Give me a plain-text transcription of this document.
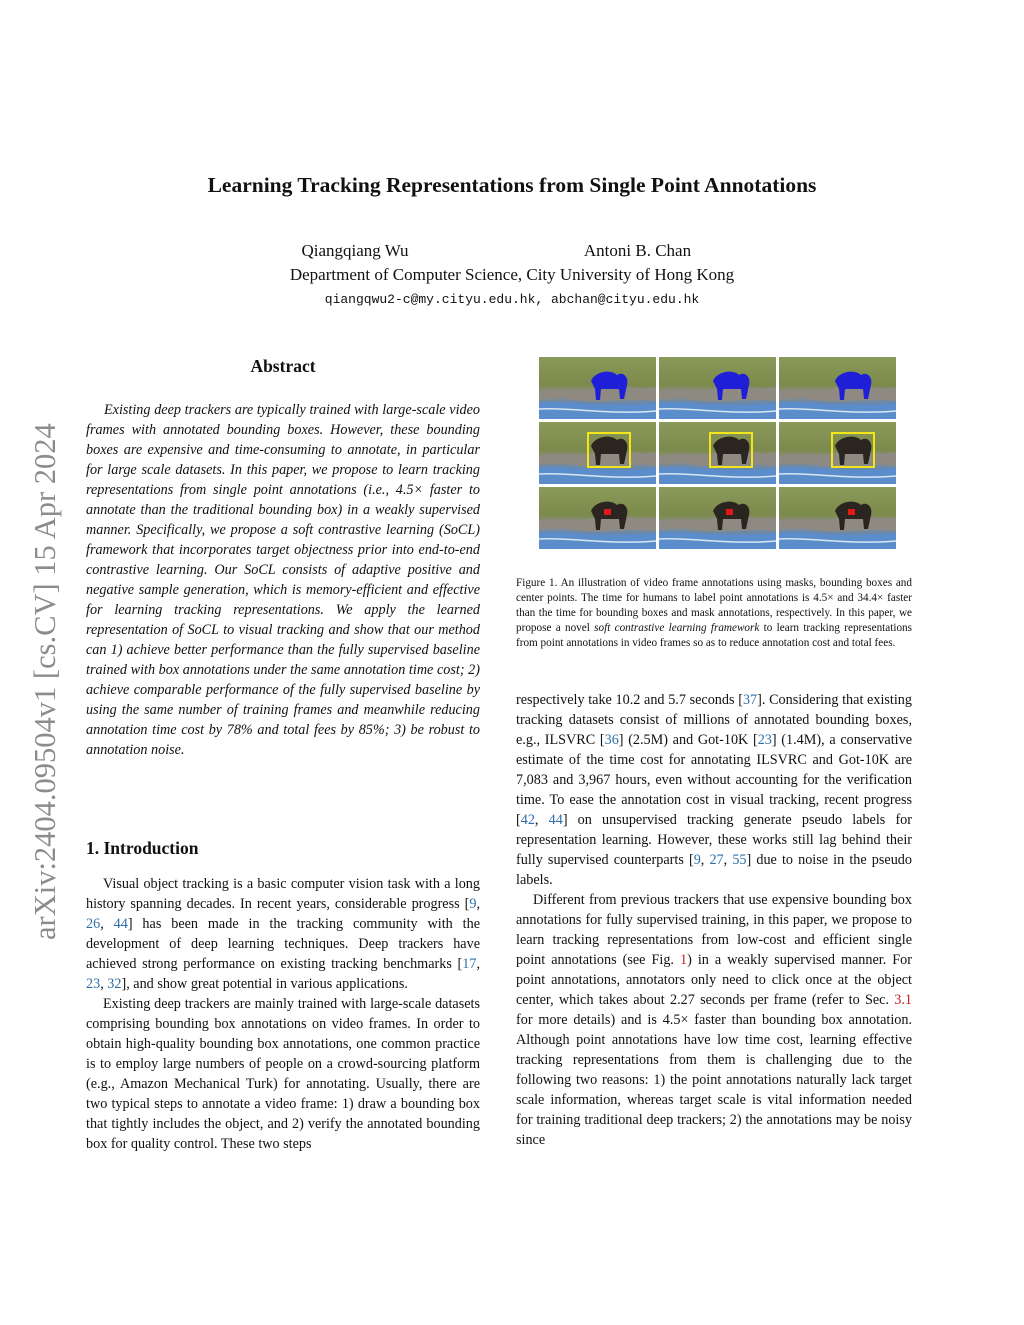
Learning Tracking Representations from Single Point Annotations
Qiangqiang Wu	Antoni B. Chan
Department of Computer Science, City University of Hong Kong
qiangqwu2-c@my.cityu.edu.hk, abchan@cityu.edu.hk
arXiv:2404.09504v1 [cs.CV] 15 Apr 2024
Abstract
Existing deep trackers are typically trained with large-scale video frames with annotated bounding boxes. However, these bounding boxes are expensive and time-consuming to annotate, in particular for large scale datasets. In this paper, we propose to learn tracking representations from single point annotations (i.e., 4.5× faster to annotate than the traditional bounding box) in a weakly supervised manner. Specifically, we propose a soft contrastive learning (SoCL) framework that incorporates target objectness prior into end-to-end contrastive learning. Our SoCL consists of adaptive positive and negative sample generation, which is memory-efficient and effective for learning tracking representations. We apply the learned representation of SoCL to visual tracking and show that our method can 1) achieve better performance than the fully supervised baseline trained with box annotations under the same annotation time cost; 2) achieve comparable performance of the fully supervised baseline by using the same number of training frames and meanwhile reducing annotation time cost by 78% and total fees by 85%; 3) be robust to annotation noise.
1. Introduction

Visual object tracking is a basic computer vision task with a long history spanning decades. In recent years, considerable progress [9, 26, 44] has been made in the tracking community with the development of deep learning techniques. Deep trackers have achieved strong performance on existing tracking benchmarks [17, 23, 32], and show great potential in various applications.

Existing deep trackers are mainly trained with large-scale datasets comprising bounding box annotations on video frames. In order to obtain high-quality bounding box annotations, one common practice is to employ large numbers of people on a crowd-sourcing platform (e.g., Amazon Mechanical Turk) for annotating. Usually, there are two typical steps to annotate a video frame: 1) draw a bounding box that tightly includes the object, and 2) verify the annotated bounding box for quality control. These two steps

Figure 1. An illustration of video frame annotations using masks, bounding boxes and center points. The time for humans to label point annotations is 4.5× and 34.4× faster than the time for bounding boxes and mask annotations, respectively. In this paper, we propose a novel soft contrastive learning framework to learn tracking representations from point annotations in video frames so as to reduce annotation cost and total fees.

respectively take 10.2 and 5.7 seconds [37]. Considering that existing tracking datasets consist of millions of annotated bounding boxes, e.g., ILSVRC [36] (2.5M) and Got-10K [23] (1.4M), a conservative estimate of the time cost for annotating ILSVRC and Got-10K are 7,083 and 3,967 hours, even without accounting for the verification time. To ease the annotation cost in visual tracking, recent progress [42, 44] on unsupervised tracking generate pseudo labels for representation learning. However, these works still lag behind their fully supervised counterparts [9, 27, 55] due to noise in the pseudo labels.

Different from previous trackers that use expensive bounding box annotations for fully supervised training, in this paper, we propose to learn tracking representations from low-cost and efficient single point annotations (see Fig. 1) in a weakly supervised manner. For point annotations, annotators only need to click once at the object center, which takes about 2.27 seconds per frame (refer to Sec. 3.1 for more details) and is 4.5× faster than bounding box annotation. Although point annotations have low time cost, learning effective tracking representations from them is challenging due to the following two reasons: 1) the point annotations naturally lack target scale information, whereas target scale is vital information needed for training traditional deep trackers; 2) the annotations may be noisy since
